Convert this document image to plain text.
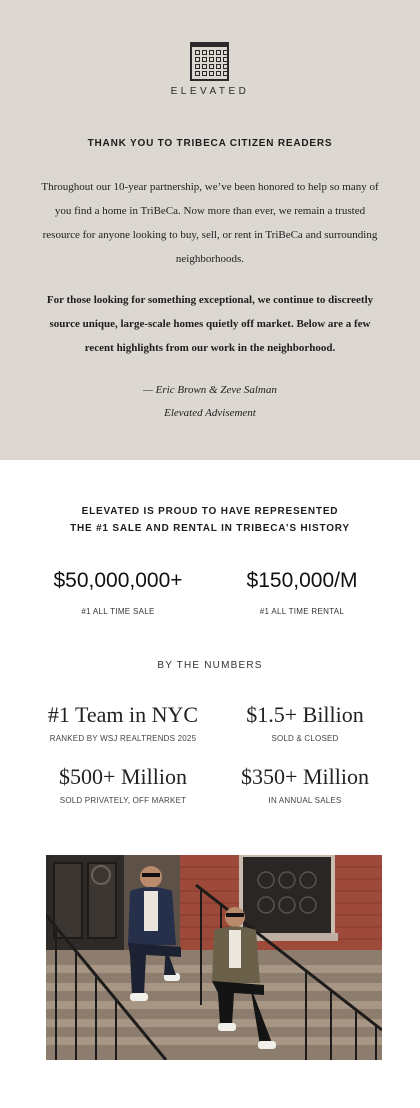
ELEVATED
THANK YOU TO TRIBECA CITIZEN READERS
Throughout our 10-year partnership, we’ve been honored to help so many of you find a home in TriBeCa. Now more than ever, we remain a trusted resource for anyone looking to buy, sell, or rent in TriBeCa and surrounding neighborhoods.
For those looking for something exceptional, we continue to discreetly source unique, large-scale homes quietly off market. Below are a few recent highlights from our work in the neighborhood.
— Eric Brown & Zeve Salman
Elevated Advisement
ELEVATED IS PROUD TO HAVE REPRESENTED
THE #1 SALE AND RENTAL IN TRIBECA’S HISTORY
$50,000,000+
#1 ALL TIME SALE
$150,000/M
#1 ALL TIME RENTAL
BY THE NUMBERS
#1 Team in NYC
RANKED BY WSJ REALTRENDS 2025
$1.5+ Billion
SOLD & CLOSED
$500+ Million
SOLD PRIVATELY, OFF MARKET
$350+ Million
IN ANNUAL SALES
